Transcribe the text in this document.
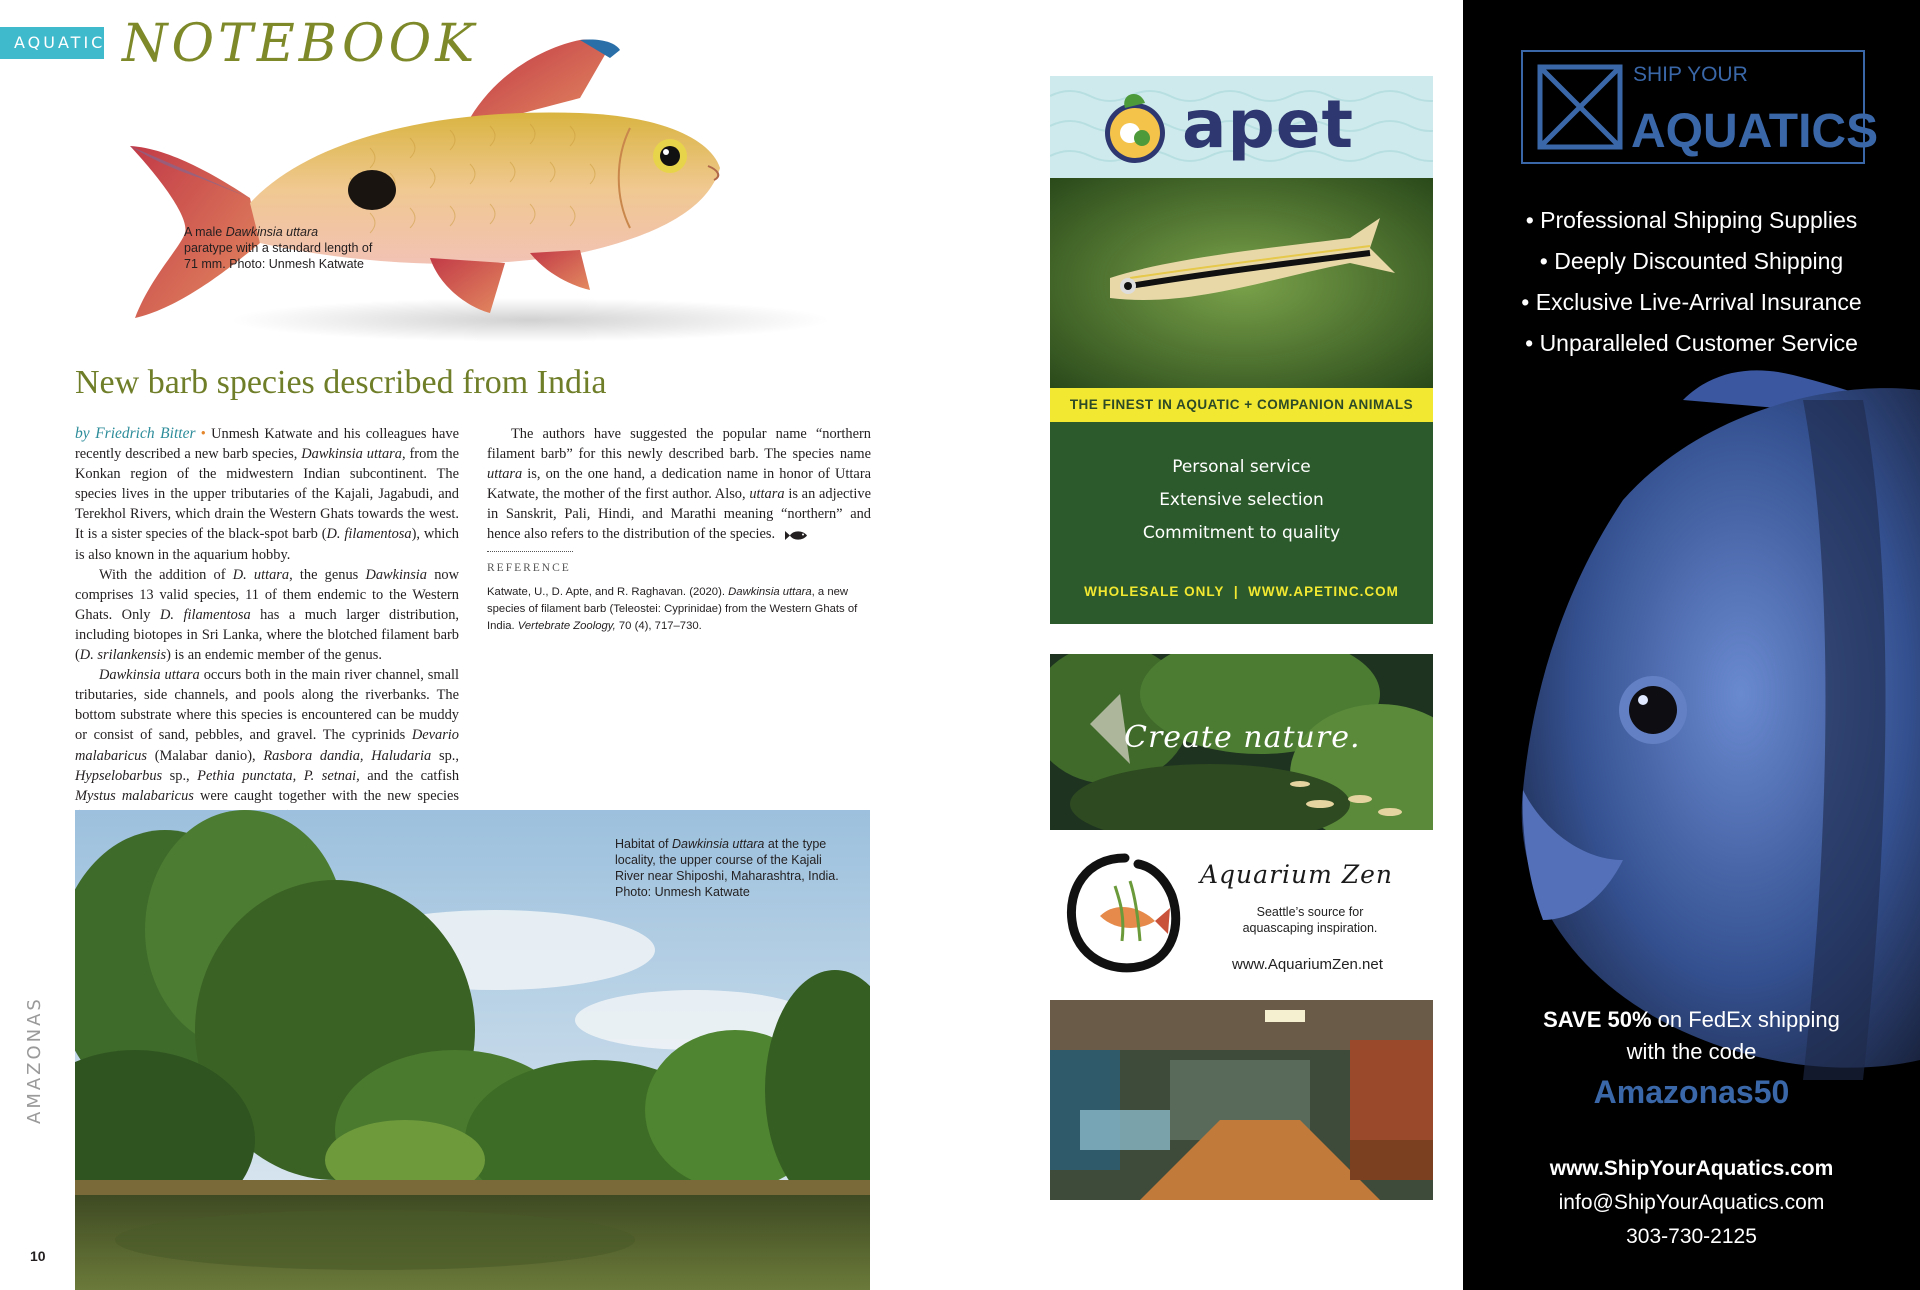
AQUATIC NOTEBOOK
A male Dawkinsia uttara
paratype with a standard length of 71 mm. Photo: Unmesh Katwate
New barb species described from India

by Friedrich Bitter • Unmesh Katwate and his colleagues have recently described a new barb species, Dawkinsia uttara, from the Konkan region of the midwestern Indian subcontinent. The species lives in the upper tributaries of the Kajali, Jagabudi, and Terekhol Rivers, which drain the Western Ghats towards the west. It is a sister species of the black-spot barb (D. filamentosa), which is also known in the aquarium hobby.

With the addition of D. uttara, the genus Dawkinsia now comprises 13 valid species, 11 of them endemic to the Western Ghats. Only D. filamentosa has a much larger distribution, including biotopes in Sri Lanka, where the blotched filament barb (D. srilankensis) is an endemic member of the genus.

Dawkinsia uttara occurs both in the main river channel, small tributaries, side channels, and pools along the riverbanks. The bottom substrate where this species is encountered can be muddy or consist of sand, pebbles, and gravel. The cyprinids Devario malabaricus (Malabar danio), Rasbora dandia, Haludaria sp., Hypselobarbus sp., Pethia punctata, P. setnai, and the catfish Mystus malabaricus were caught together with the new species

The authors have suggested the popular name “northern filament barb” for this newly described barb. The species name uttara is, on the one hand, a dedication name in honor of Uttara Katwate, the mother of the first author. Also, uttara is an adjective in Sanskrit, Pali, Hindi, and Marathi meaning “northern” and hence also refers to the distribution of the species.

REFERENCE
Katwate, U., D. Apte, and R. Raghavan. (2020). Dawkinsia uttara, a new species of filament barb (Teleostei: Cyprinidae) from the Western Ghats of India. Vertebrate Zoology, 70 (4), 717–730.
Habitat of Dawkinsia uttara at the type locality, the upper course of the Kajali River near Shiposhi, Maharashtra, India. Photo: Unmesh Katwate
AMAZONAS
10
apet
THE FINEST IN AQUATIC + COMPANION ANIMALS
Personal service
Extensive selection
Commitment to quality
WHOLESALE ONLY | WWW.APETINC.COM
Create nature.
Aquarium Zen
Seattle’s source for aquascaping inspiration.
www.AquariumZen.net
SHIP YOUR
AQUATICS
• Professional Shipping Supplies
• Deeply Discounted Shipping
• Exclusive Live-Arrival Insurance
• Unparalleled Customer Service
SAVE 50% on FedEx shipping
with the code
Amazonas50
www.ShipYourAquatics.com
info@ShipYourAquatics.com
303-730-2125
